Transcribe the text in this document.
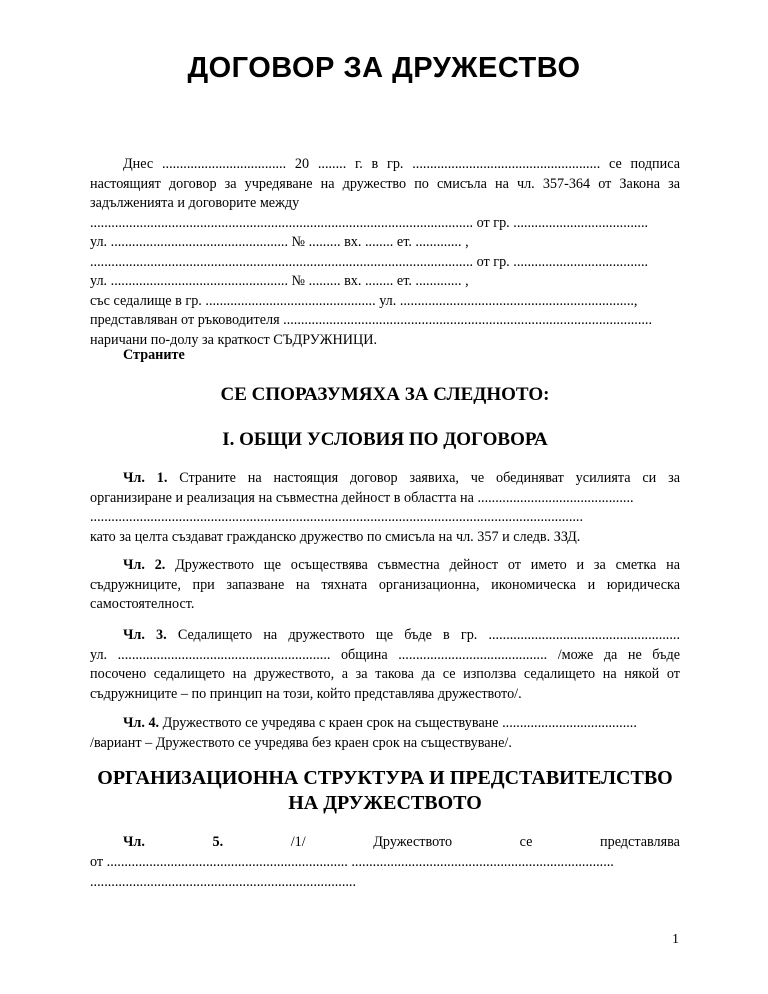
ДОГОВОР ЗА ДРУЖЕСТВО
Днес ................................... 20 ........ г. в гр. ..................................................... се подписа
настоящият договор за учредяване на дружество по смисъла на чл. 357-364 от Закона за
задълженията и договорите между
............................................................................................................ от гр. ......................................
ул. .................................................. № ......... вх. ........ ет. ............. ,
............................................................................................................ от гр. ......................................
ул. .................................................. № ......... вх. ........ ет. ............. ,
със седалище в гр. ................................................ ул. ..................................................................,
представляван от ръководителя ........................................................................................................
наричани по-долу за краткост СЪДРУЖНИЦИ.
Страните
СЕ СПОРАЗУМЯХА ЗА СЛЕДНОТО:
І. ОБЩИ УСЛОВИЯ ПО ДОГОВОРА
Чл. 1. Страните на настоящия договор заявиха, че обединяват усилията си за
организиране и реализация на съвместна дейност в областта на ............................................
...........................................................................................................................................
като за целта създават гражданско дружество по смисъла на чл. 357 и следв. ЗЗД.
Чл. 2. Дружеството ще осъществява съвместна дейност от името и за сметка на съдружниците, при запазване на тяхната организационна, икономическа и юридическа самостоятелност.
Чл. 3. Седалището на дружеството ще бъде в гр. ......................................................
ул. ............................................................ община .......................................... /може да не бъде
посочено седалището на дружеството, а за такова да се използва седалището на някой от
съдружниците – по принцип на този, който представлява дружеството/.
Чл. 4. Дружеството се учредява с краен срок на съществуване ......................................
/вариант – Дружеството се учредява без краен срок на съществуване/.
ОРГАНИЗАЦИОННА СТРУКТУРА И ПРЕДСТАВИТЕЛСТВО
НА ДРУЖЕСТВОТО
Чл.	5.	/1/	Дружеството	се	представлява
от .................................................................... ..........................................................................
...........................................................................
1
